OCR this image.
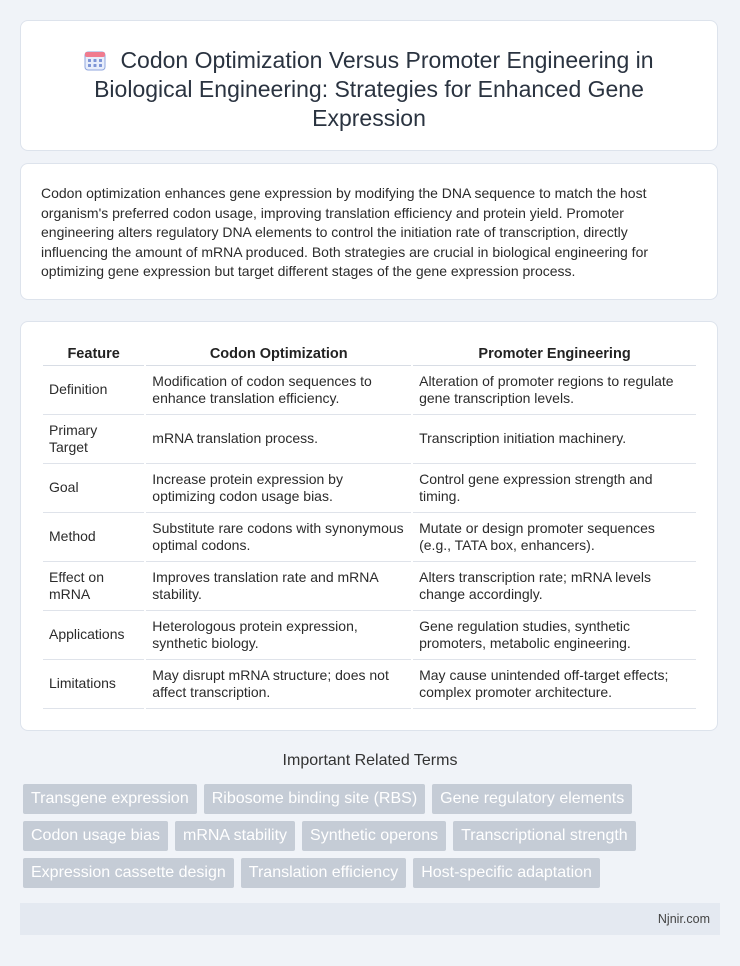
Codon Optimization Versus Promoter Engineering in Biological Engineering: Strategies for Enhanced Gene Expression

Codon optimization enhances gene expression by modifying the DNA sequence to match the host organism's preferred codon usage, improving translation efficiency and protein yield. Promoter engineering alters regulatory DNA elements to control the initiation rate of transcription, directly influencing the amount of mRNA produced. Both strategies are crucial in biological engineering for optimizing gene expression but target different stages of the gene expression process.

Feature	Codon Optimization	Promoter Engineering
Definition	Modification of codon sequences to enhance translation efficiency.	Alteration of promoter regions to regulate gene transcription levels.
Primary Target	mRNA translation process.	Transcription initiation machinery.
Goal	Increase protein expression by optimizing codon usage bias.	Control gene expression strength and timing.
Method	Substitute rare codons with synonymous optimal codons.	Mutate or design promoter sequences (e.g., TATA box, enhancers).
Effect on mRNA	Improves translation rate and mRNA stability.	Alters transcription rate; mRNA levels change accordingly.
Applications	Heterologous protein expression, synthetic biology.	Gene regulation studies, synthetic promoters, metabolic engineering.
Limitations	May disrupt mRNA structure; does not affect transcription.	May cause unintended off-target effects; complex promoter architecture.
Important Related Terms
Transgene expression	Ribosome binding site (RBS)	Gene regulatory elements
Codon usage bias	mRNA stability	Synthetic operons	Transcriptional strength
Expression cassette design	Translation efficiency	Host-specific adaptation
Njnir.com
